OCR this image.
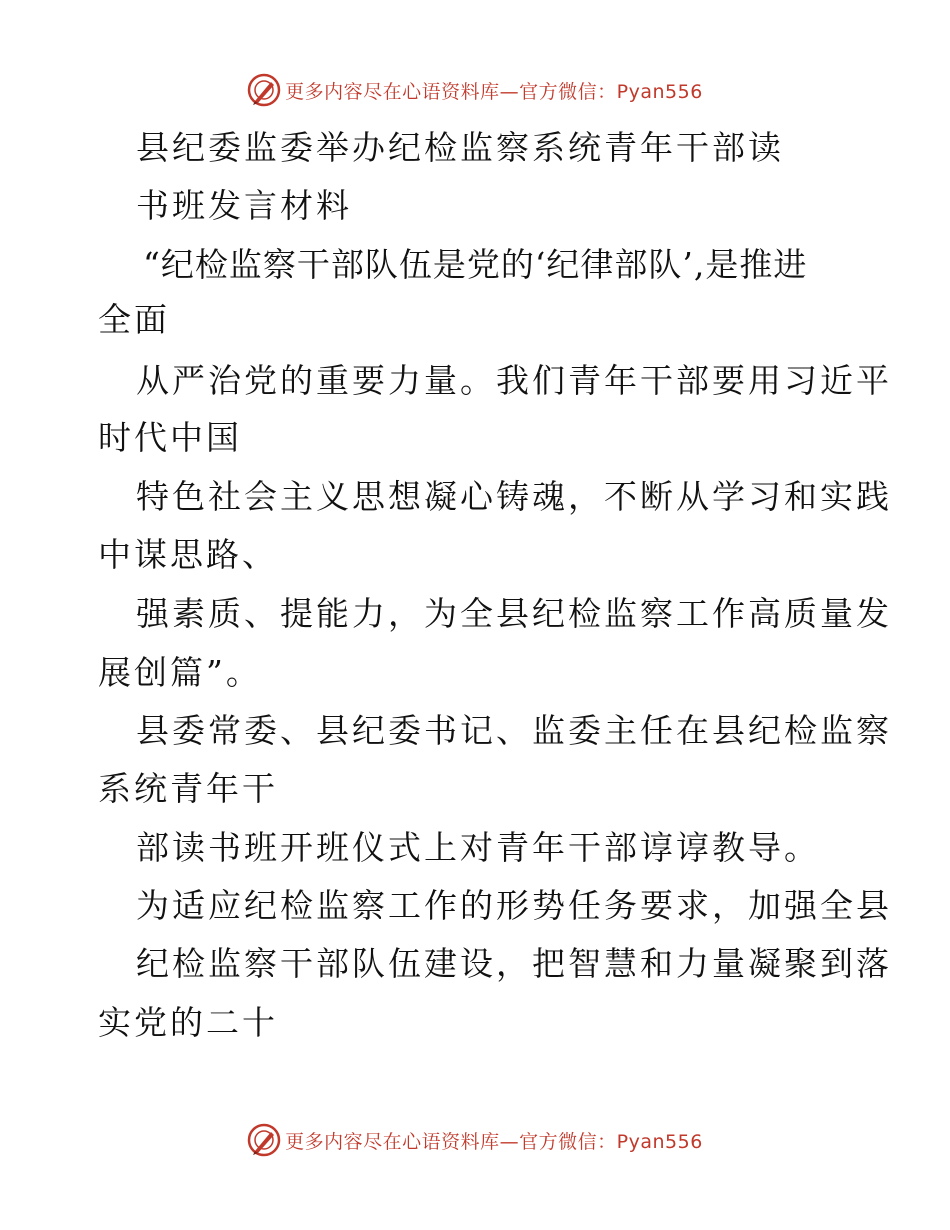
更多内容尽在心语资料库—官方微信：Pyan556
县纪委监委举办纪检监察系统青年干部读
书班发言材料
“纪检监察干部队伍是党的‘纪律部队’,是推进
全面
从严治党的重要力量。我们青年干部要用习近平
时代中国
特色社会主义思想凝心铸魂，不断从学习和实践
中谋思路、
强素质、提能力，为全县纪检监察工作高质量发
展创篇”。
县委常委、县纪委书记、监委主任在县纪检监察
系统青年干
部读书班开班仪式上对青年干部谆谆教导。
为适应纪检监察工作的形势任务要求，加强全县
纪检监察干部队伍建设，把智慧和力量凝聚到落
实党的二十
更多内容尽在心语资料库—官方微信：Pyan556
